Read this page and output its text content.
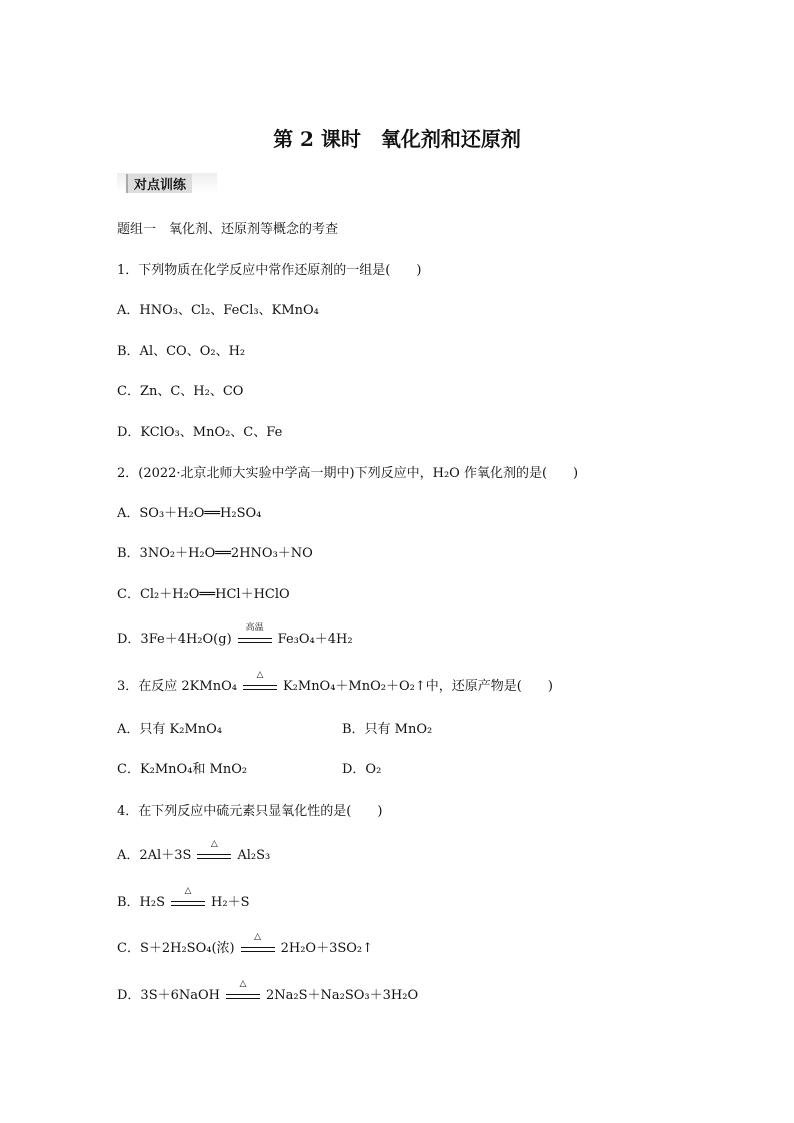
第 2 课时　氧化剂和还原剂
对点训练
题组一　氧化剂、还原剂等概念的考查
1．下列物质在化学反应中常作还原剂的一组是(　　)
A．HNO₃、Cl₂、FeCl₃、KMnO₄
B．Al、CO、O₂、H₂
C．Zn、C、H₂、CO
D．KClO₃、MnO₂、C、Fe
2．(2022·北京北师大实验中学高一期中)下列反应中，H₂O 作氧化剂的是(　　)
A．SO₃＋H₂O══H₂SO₄
B．3NO₂＋H₂O══2HNO₃＋NO
C．Cl₂＋H₂O══HCl＋HClO
D．3Fe＋4H₂O(g)
高温
Fe₃O₄＋4H₂
3．在反应 2KMnO₄
△
K₂MnO₄＋MnO₂＋O₂↑中，还原产物是(　　)
A．只有 K₂MnO₄	B．只有 MnO₂
C．K₂MnO₄和 MnO₂	D．O₂
4．在下列反应中硫元素只显氧化性的是(　　)
A．2Al＋3S
△
Al₂S₃
B．H₂S
△
H₂＋S
C．S＋2H₂SO₄(浓)
△
2H₂O＋3SO₂↑
D．3S＋6NaOH
△
2Na₂S＋Na₂SO₃＋3H₂O
